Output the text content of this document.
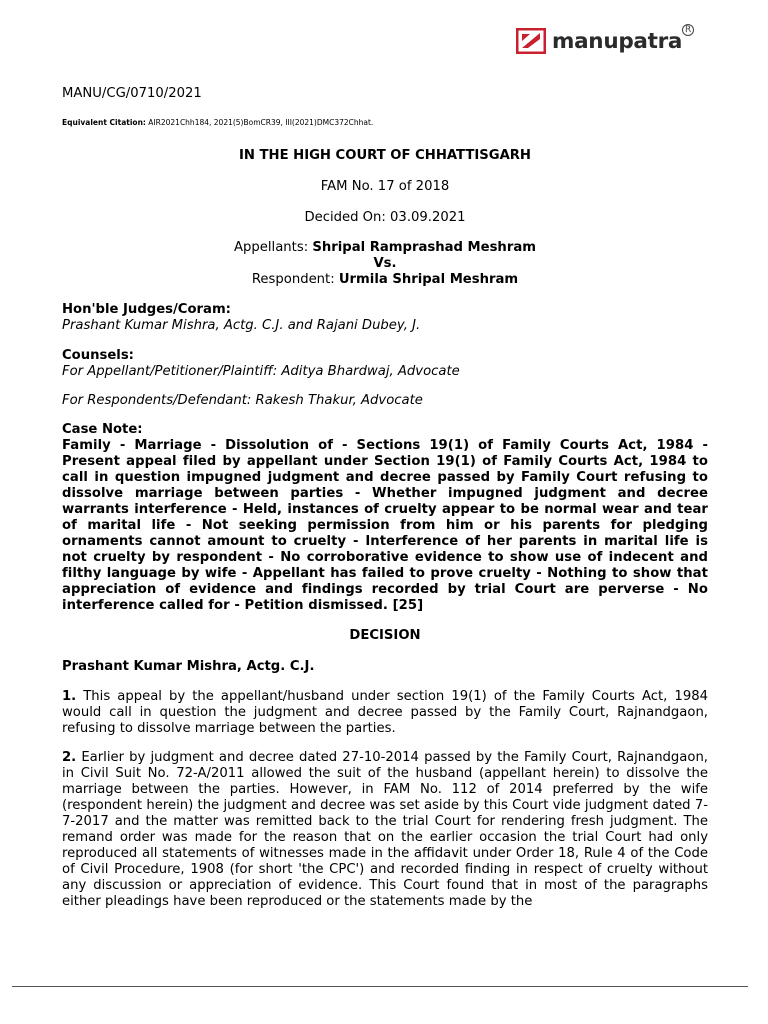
manupatra R
MANU/CG/0710/2021
Equivalent Citation: AIR2021Chh184, 2021(5)BomCR39, III(2021)DMC372Chhat.
IN THE HIGH COURT OF CHHATTISGARH
FAM No. 17 of 2018
Decided On: 03.09.2021
Appellants: Shripal Ramprashad Meshram
Vs.
Respondent: Urmila Shripal Meshram
Hon'ble Judges/Coram:
Prashant Kumar Mishra, Actg. C.J. and Rajani Dubey, J.
Counsels:
For Appellant/Petitioner/Plaintiff: Aditya Bhardwaj, Advocate
For Respondents/Defendant: Rakesh Thakur, Advocate
Case Note:
Family - Marriage - Dissolution of - Sections 19(1) of Family Courts Act, 1984 - Present appeal filed by appellant under Section 19(1) of Family Courts Act, 1984 to call in question impugned judgment and decree passed by Family Court refusing to dissolve marriage between parties - Whether impugned judgment and decree warrants interference - Held, instances of cruelty appear to be normal wear and tear of marital life - Not seeking permission from him or his parents for pledging ornaments cannot amount to cruelty - Interference of her parents in marital life is not cruelty by respondent - No corroborative evidence to show use of indecent and filthy language by wife - Appellant has failed to prove cruelty - Nothing to show that appreciation of evidence and findings recorded by trial Court are perverse - No interference called for - Petition dismissed. [25]
DECISION
Prashant Kumar Mishra, Actg. C.J.
1. This appeal by the appellant/husband under section 19(1) of the Family Courts Act, 1984 would call in question the judgment and decree passed by the Family Court, Rajnandgaon, refusing to dissolve marriage between the parties.
2. Earlier by judgment and decree dated 27-10-2014 passed by the Family Court, Rajnandgaon, in Civil Suit No. 72-A/2011 allowed the suit of the husband (appellant herein) to dissolve the marriage between the parties. However, in FAM No. 112 of 2014 preferred by the wife (respondent herein) the judgment and decree was set aside by this Court vide judgment dated 7-7-2017 and the matter was remitted back to the trial Court for rendering fresh judgment. The remand order was made for the reason that on the earlier occasion the trial Court had only reproduced all statements of witnesses made in the affidavit under Order 18, Rule 4 of the Code of Civil Procedure, 1908 (for short 'the CPC') and recorded finding in respect of cruelty without any discussion or appreciation of evidence. This Court found that in most of the paragraphs either pleadings have been reproduced or the statements made by the
